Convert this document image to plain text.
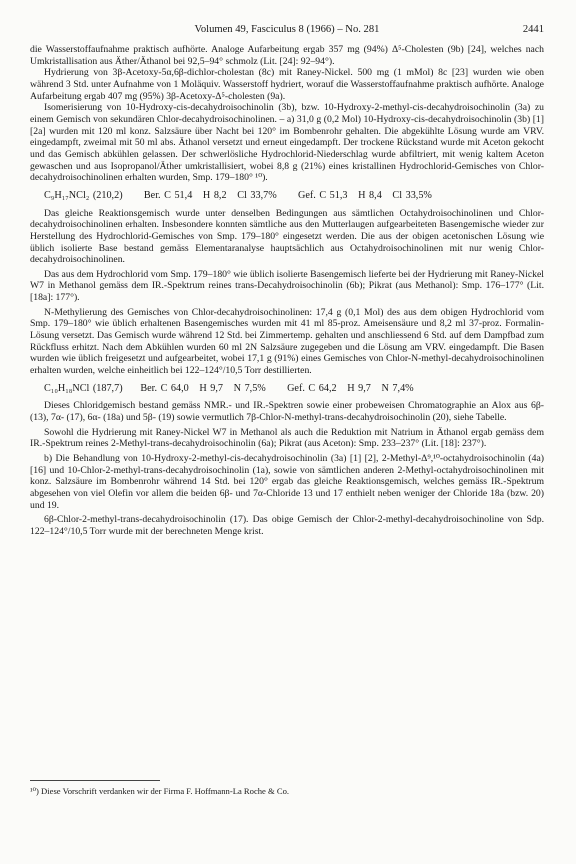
Volumen 49, Fasciculus 8 (1966) – No. 281	2441

die Wasserstoffaufnahme praktisch aufhörte. Analoge Aufarbeitung ergab 357 mg (94%) Δ⁵-Cholesten (9b) [24], welches nach Umkristallisation aus Äther/Äthanol bei 92,5–94° schmolz (Lit. [24]: 92–94°).

Hydrierung von 3β-Acetoxy-5α,6β-dichlor-cholestan (8c) mit Raney-Nickel. 500 mg (1 mMol) 8c [23] wurden wie oben während 3 Std. unter Aufnahme von 1 Moläquiv. Wasserstoff hydriert, worauf die Wasserstoffaufnahme praktisch aufhörte. Analoge Aufarbeitung ergab 407 mg (95%) 3β-Acetoxy-Δ⁵-cholesten (9a).

Isomerisierung von 10-Hydroxy-cis-decahydroisochinolin (3b), bzw. 10-Hydroxy-2-methyl-cis-decahydroisochinolin (3a) zu einem Gemisch von sekundären Chlor-decahydroisochinolinen. – a) 31,0 g (0,2 Mol) 10-Hydroxy-cis-decahydroisochinolin (3b) [1] [2a] wurden mit 120 ml konz. Salzsäure über Nacht bei 120° im Bombenrohr gehalten. Die abgekühlte Lösung wurde am VRV. eingedampft, zweimal mit 50 ml abs. Äthanol versetzt und erneut eingedampft. Der trockene Rückstand wurde mit Aceton gekocht und das Gemisch abkühlen gelassen. Der schwerlösliche Hydrochlorid-Niederschlag wurde abfiltriert, mit wenig kaltem Aceton gewaschen und aus Isopropanol/Äther umkristallisiert, wobei 8,8 g (21%) eines kristallinen Hydrochlorid-Gemisches von Chlor-decahydroisochinolinen erhalten wurden, Smp. 179–180° ¹⁰).

C₉H₁₇NCl₂ (210,2)      Ber. C 51,4   H 8,2   Cl 33,7%      Gef. C 51,3   H 8,4   Cl 33,5%

Das gleiche Reaktionsgemisch wurde unter denselben Bedingungen aus sämtlichen Octahydroisochinolinen und Chlor-decahydroisochinolinen erhalten. Insbesondere konnten sämtliche aus den Mutterlaugen aufgearbeiteten Basengemische wieder zur Herstellung des Hydrochlorid-Gemisches von Smp. 179–180° eingesetzt werden. Die aus der obigen acetonischen Lösung wie üblich isolierte Base bestand gemäss Elementaranalyse hauptsächlich aus Octahydroisochinolinen mit nur wenig Chlor-decahydroisochinolinen.

Das aus dem Hydrochlorid vom Smp. 179–180° wie üblich isolierte Basengemisch lieferte bei der Hydrierung mit Raney-Nickel W7 in Methanol gemäss dem IR.-Spektrum reines trans-Decahydroisochinolin (6b); Pikrat (aus Methanol): Smp. 176–177° (Lit. [18a]: 177°).

N-Methylierung des Gemisches von Chlor-decahydroisochinolinen: 17,4 g (0,1 Mol) des aus dem obigen Hydrochlorid vom Smp. 179–180° wie üblich erhaltenen Basengemisches wurden mit 41 ml 85-proz. Ameisensäure und 8,2 ml 37-proz. Formalin-Lösung versetzt. Das Gemisch wurde während 12 Std. bei Zimmertemp. gehalten und anschliessend 6 Std. auf dem Dampfbad zum Rückfluss erhitzt. Nach dem Abkühlen wurden 60 ml 2N Salzsäure zugegeben und die Lösung am VRV. eingedampft. Die Basen wurden wie üblich freigesetzt und aufgearbeitet, wobei 17,1 g (91%) eines Gemisches von Chlor-N-methyl-decahydroisochinolinen erhalten wurden, welche einheitlich bei 122–124°/10,5 Torr destillierten.

C₁₀H₁₈NCl (187,7)     Ber. C 64,0   H 9,7   N 7,5%      Gef. C 64,2   H 9,7   N 7,4%

Dieses Chloridgemisch bestand gemäss NMR.- und IR.-Spektren sowie einer probeweisen Chromatographie an Alox aus 6β- (13), 7α- (17), 6α- (18a) und 5β- (19) sowie vermutlich 7β-Chlor-N-methyl-trans-decahydroisochinolin (20), siehe Tabelle.

Sowohl die Hydrierung mit Raney-Nickel W7 in Methanol als auch die Reduktion mit Natrium in Äthanol ergab gemäss dem IR.-Spektrum reines 2-Methyl-trans-decahydroisochinolin (6a); Pikrat (aus Aceton): Smp. 233–237° (Lit. [18]: 237°).

b) Die Behandlung von 10-Hydroxy-2-methyl-cis-decahydroisochinolin (3a) [1] [2], 2-Methyl-Δ⁹,¹⁰-octahydroisochinolin (4a) [16] und 10-Chlor-2-methyl-trans-decahydroisochinolin (1a), sowie von sämtlichen anderen 2-Methyl-octahydroisochinolinen mit konz. Salzsäure im Bombenrohr während 14 Std. bei 120° ergab das gleiche Reaktionsgemisch, welches gemäss IR.-Spektrum abgesehen von viel Olefin vor allem die beiden 6β- und 7α-Chloride 13 und 17 enthielt neben weniger der Chloride 18a (bzw. 20) und 19.

6β-Chlor-2-methyl-trans-decahydroisochinolin (17). Das obige Gemisch der Chlor-2-methyl-decahydroisochinoline von Sdp. 122–124°/10,5 Torr wurde mit der berechneten Menge krist.

¹⁰) Diese Vorschrift verdanken wir der Firma F. Hoffmann-La Roche & Co.
